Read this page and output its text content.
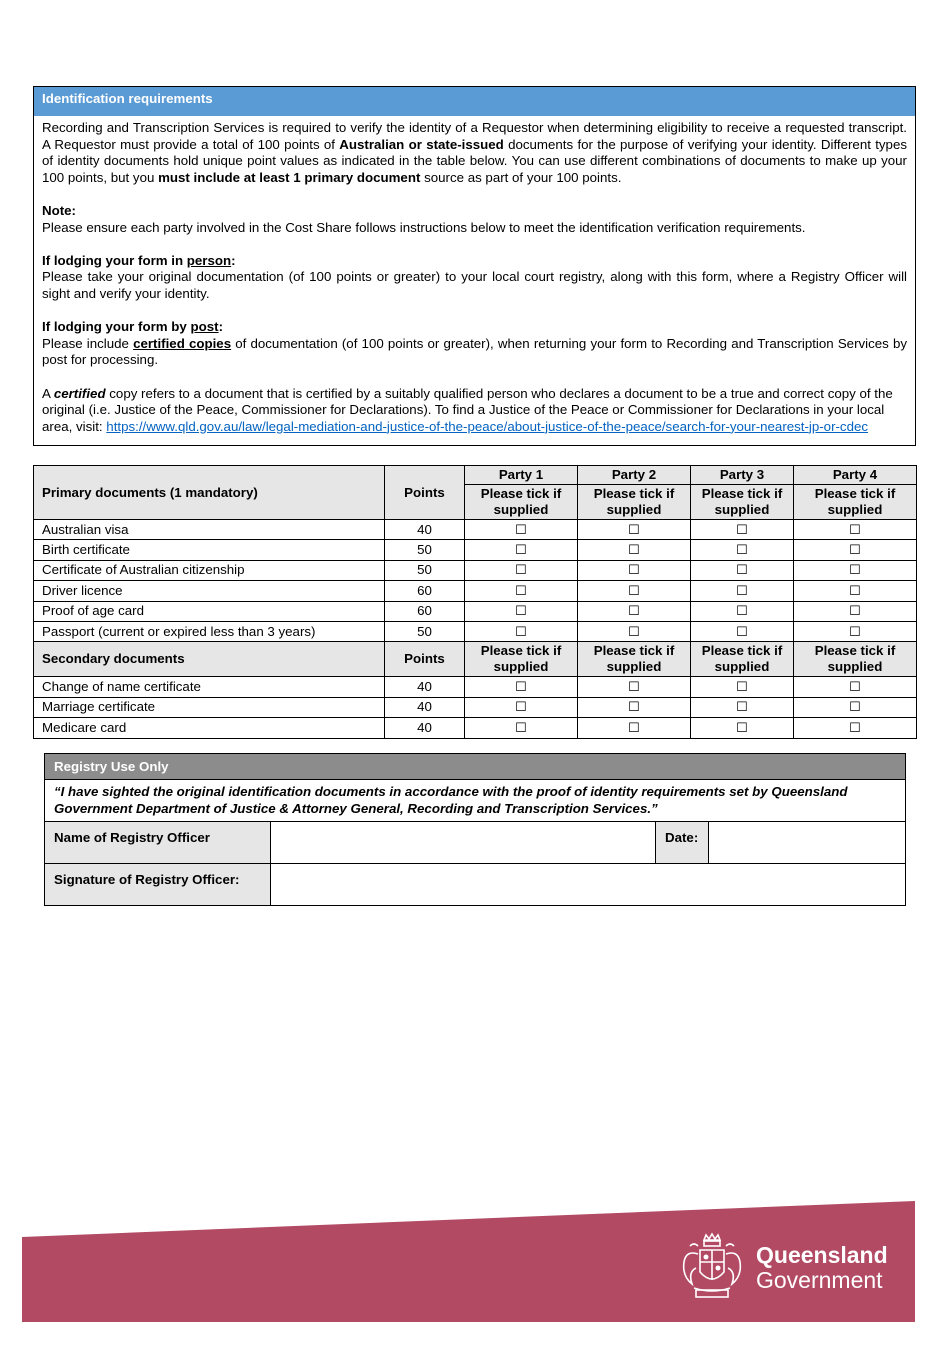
Identification requirements

Recording and Transcription Services is required to verify the identity of a Requestor when determining eligibility to receive a requested transcript. A Requestor must provide a total of 100 points of Australian or state-issued documents for the purpose of verifying your identity. Different types of identity documents hold unique point values as indicated in the table below. You can use different combinations of documents to make up your 100 points, but you must include at least 1 primary document source as part of your 100 points.

Note:

Please ensure each party involved in the Cost Share follows instructions below to meet the identification verification requirements.

If lodging your form in person:

Please take your original documentation (of 100 points or greater) to your local court registry, along with this form, where a Registry Officer will sight and verify your identity.

If lodging your form by post:

Please include certified copies of documentation (of 100 points or greater), when returning your form to Recording and Transcription Services by post for processing.

A certified copy refers to a document that is certified by a suitably qualified person who declares a document to be a true and correct copy of the original (i.e. Justice of the Peace, Commissioner for Declarations). To find a Justice of the Peace or Commissioner for Declarations in your local area, visit: https://www.qld.gov.au/law/legal-mediation-and-justice-of-the-peace/about-justice-of-the-peace/search-for-your-nearest-jp-or-cdec

Primary documents (1 mandatory)	Points	Party 1	Party 2	Party 3	Party 4
		Please tick if supplied	Please tick if supplied	Please tick if supplied	Please tick if supplied
Australian visa	40	☐	☐	☐	☐
Birth certificate	50	☐	☐	☐	☐
Certificate of Australian citizenship	50	☐	☐	☐	☐
Driver licence	60	☐	☐	☐	☐
Proof of age card	60	☐	☐	☐	☐
Passport (current or expired less than 3 years)	50	☐	☐	☐	☐
Secondary documents	Points	Please tick if supplied	Please tick if supplied	Please tick if supplied	Please tick if supplied
Change of name certificate	40	☐	☐	☐	☐
Marriage certificate	40	☐	☐	☐	☐
Medicare card	40	☐	☐	☐	☐
Registry Use Only
“I have sighted the original identification documents in accordance with the proof of identity requirements set by Queensland Government Department of Justice & Attorney General, Recording and Transcription Services.”
Name of Registry Officer	Date:
Signature of Registry Officer:
Queensland
Government
